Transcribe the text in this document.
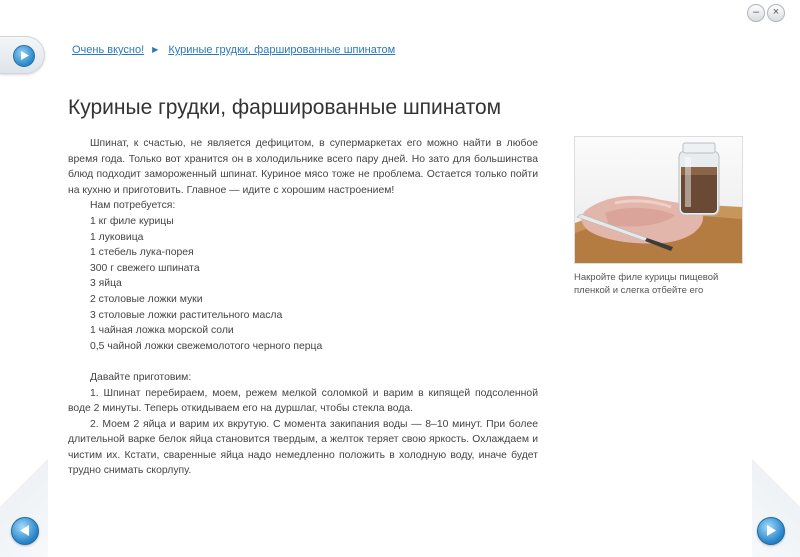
–	×
Очень вкусно! ▶ Куриные грудки, фаршированные шпинатом
Куриные грудки, фаршированные шпинатом

Шпинат, к счастью, не является дефицитом, в супермаркетах его можно найти в любое время года. Только вот хранится он в холодильнике всего пару дней. Но зато для большинства блюд подходит замороженный шпинат. Куриное мясо тоже не проблема. Остается только пойти на кухню и приготовить. Главное — идите с хорошим настроением!

Нам потребуется:

1 кг филе курицы

1 луковица

1 стебель лука-порея

300 г свежего шпината

3 яйца

2 столовые ложки муки

3 столовые ложки растительного масла

1 чайная ложка морской соли

0,5 чайной ложки свежемолотого черного перца

Давайте приготовим:

1. Шпинат перебираем, моем, режем мелкой соломкой и варим в кипящей подсоленной воде 2 минуты. Теперь откидываем его на дуршлаг, чтобы стекла вода.

2. Моем 2 яйца и варим их вкрутую. С момента закипания воды — 8–10 минут. При более длительной варке белок яйца становится твердым, а желток теряет свою яркость. Охлаждаем и чистим их. Кстати, сваренные яйца надо немедленно положить в холодную воду, иначе будет трудно снимать скорлупу.

Накройте филе курицы пищевой пленкой и слегка отбейте его
